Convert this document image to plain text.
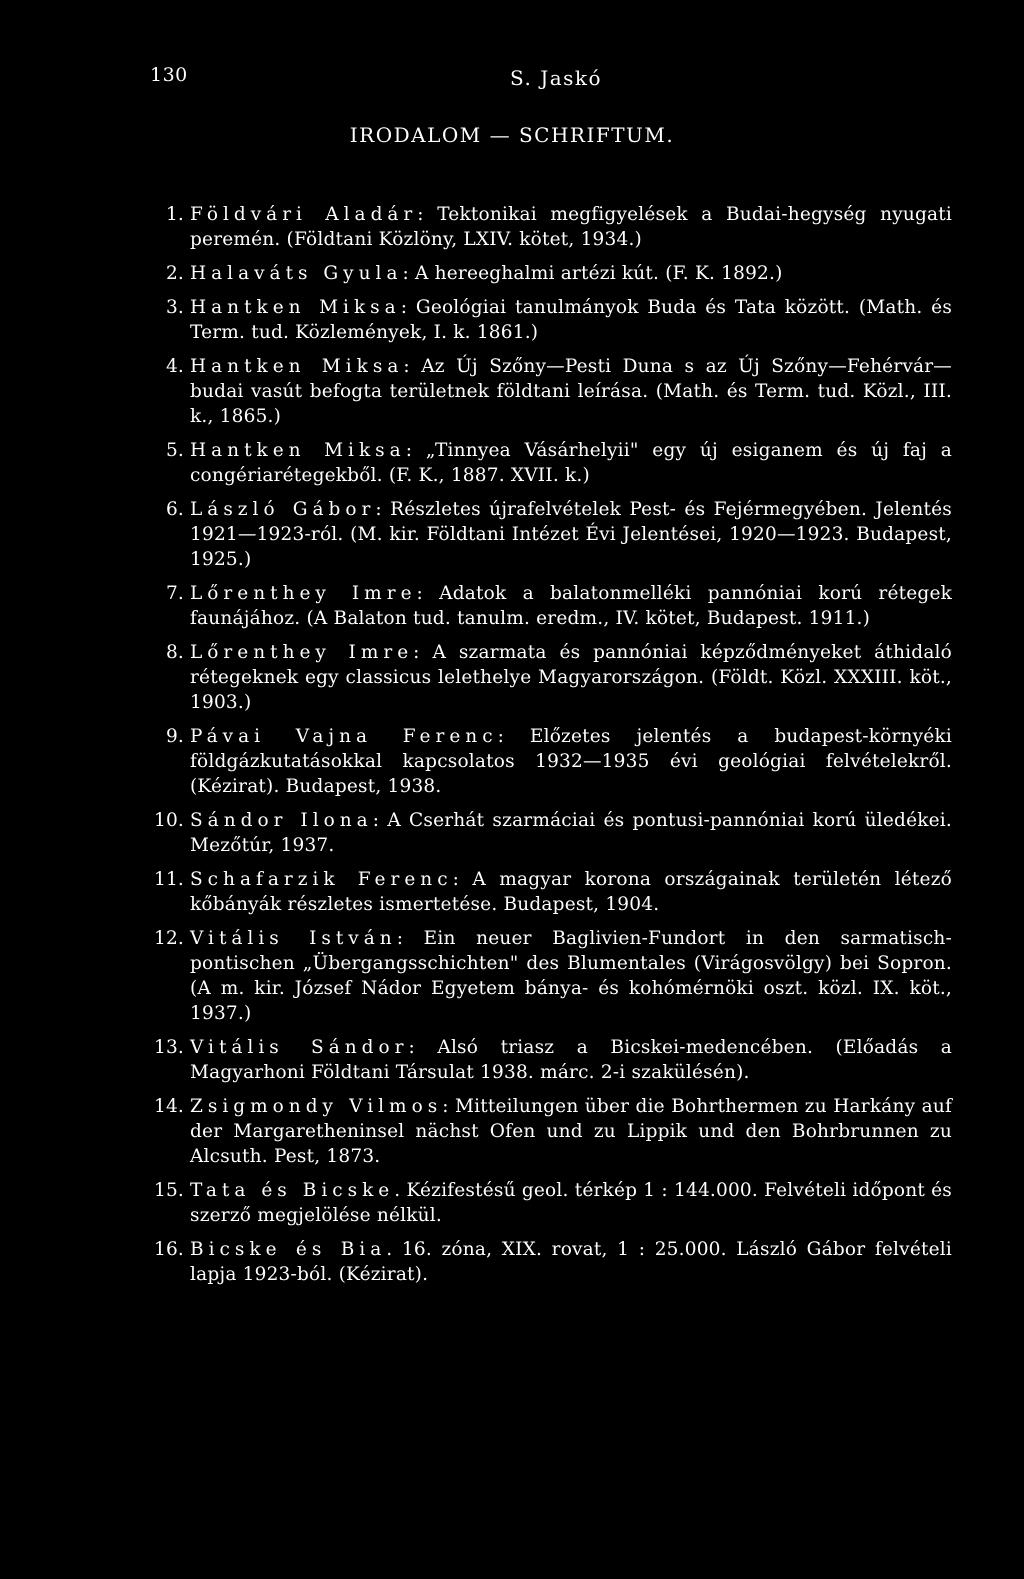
130	S. Jaskó
IRODALOM — SCHRIFTUM.
1. Földvári Aladár: Tektonikai megfigyelések a Budai-hegység nyugati peremén. (Földtani Közlöny, LXIV. kötet, 1934.)
2. Halaváts Gyula: A hereeghalmi artézi kút. (F. K. 1892.)
3. Hantken Miksa: Geológiai tanulmányok Buda és Tata között. (Math. és Term. tud. Közlemények, I. k. 1861.)
4. Hantken Miksa: Az Új Szőny—Pesti Duna s az Új Szőny—Fehérvár—budai vasút befogta területnek földtani leírása. (Math. és Term. tud. Közl., III. k., 1865.)
5. Hantken Miksa: „Tinnyea Vásárhelyii" egy új esiganem és új faj a congériarétegekből. (F. K., 1887. XVII. k.)
6. László Gábor: Részletes újrafelvételek Pest- és Fejérmegyében. Jelentés 1921—1923-ról. (M. kir. Földtani Intézet Évi Jelentései, 1920—1923. Budapest, 1925.)
7. Lőrenthey Imre: Adatok a balatonmelléki pannóniai korú rétegek faunájához. (A Balaton tud. tanulm. eredm., IV. kötet, Budapest. 1911.)
8. Lőrenthey Imre: A szarmata és pannóniai képződményeket áthidaló rétegeknek egy classicus lelethelye Magyarországon. (Földt. Közl. XXXIII. köt., 1903.)
9. Pávai Vajna Ferenc: Előzetes jelentés a budapest-környéki földgázkutatásokkal kapcsolatos 1932—1935 évi geológiai felvételekről. (Kézirat). Budapest, 1938.
10. Sándor Ilona: A Cserhát szarmáciai és pontusi-pannóniai korú üledékei. Mezőtúr, 1937.
11. Schafarzik Ferenc: A magyar korona országainak területén létező kőbányák részletes ismertetése. Budapest, 1904.
12. Vitális István: Ein neuer Baglivien-Fundort in den sarmatisch-pontischen „Übergangsschichten" des Blumentales (Virágosvölgy) bei Sopron. (A m. kir. József Nádor Egyetem bánya- és kohómérnöki oszt. közl. IX. köt., 1937.)
13. Vitális Sándor: Alsó triasz a Bicskei-medencében. (Előadás a Magyarhoni Földtani Társulat 1938. márc. 2-i szakülésén).
14. Zsigmondy Vilmos: Mitteilungen über die Bohrthermen zu Harkány auf der Margaretheninsel nächst Ofen und zu Lippik und den Bohrbrunnen zu Alcsuth. Pest, 1873.
15. Tata és Bicske. Kézifestésű geol. térkép 1 : 144.000. Felvételi időpont és szerző megjelölése nélkül.
16. Bicske és Bia. 16. zóna, XIX. rovat, 1 : 25.000. László Gábor felvételi lapja 1923-ból. (Kézirat).
